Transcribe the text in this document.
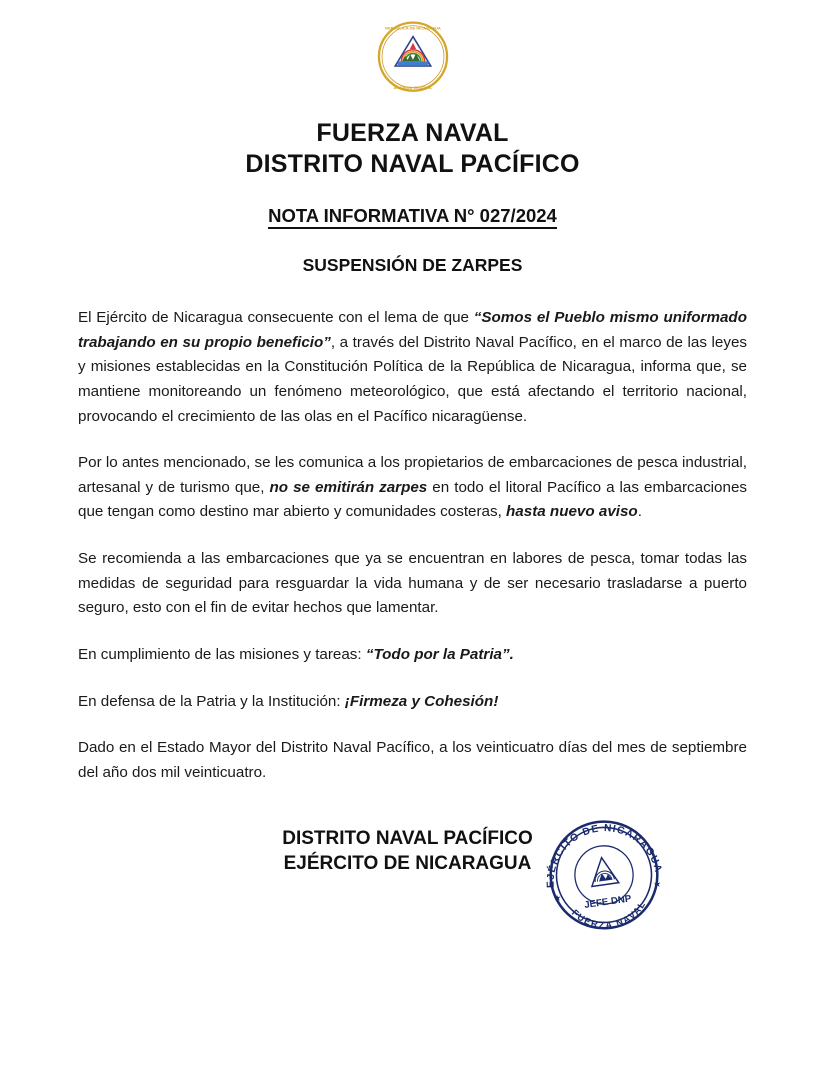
REPUBLICA DE NICARAGUA
AMERICA CENTRAL
FUERZA NAVAL
DISTRITO NAVAL PACÍFICO
NOTA INFORMATIVA N° 027/2024
SUSPENSIÓN DE ZARPES

El Ejército de Nicaragua consecuente con el lema de que “Somos el Pueblo mismo uniformado trabajando en su propio beneficio”, a través del Distrito Naval Pacífico, en el marco de las leyes y misiones establecidas en la Constitución Política de la República de Nicaragua, informa que, se mantiene monitoreando un fenómeno meteorológico, que está afectando el territorio nacional, provocando el crecimiento de las olas en el Pacífico nicaragüense.

Por lo antes mencionado, se les comunica a los propietarios de embarcaciones de pesca industrial, artesanal y de turismo que, no se emitirán zarpes en todo el litoral Pacífico a las embarcaciones que tengan como destino mar abierto y comunidades costeras, hasta nuevo aviso.

Se recomienda a las embarcaciones que ya se encuentran en labores de pesca, tomar todas las medidas de seguridad para resguardar la vida humana y de ser necesario trasladarse a puerto seguro, esto con el fin de evitar hechos que lamentar.

En cumplimiento de las misiones y tareas: “Todo por la Patria”.

En defensa de la Patria y la Institución: ¡Firmeza y Cohesión!

Dado en el Estado Mayor del Distrito Naval Pacífico, a los veinticuatro días del mes de septiembre del año dos mil veinticuatro.

DISTRITO NAVAL PACÍFICO
EJÉRCITO DE NICARAGUA
EJÉRCITO DE NICARAGUA
FUERZA NAVAL
JEFE DNP
★
★
